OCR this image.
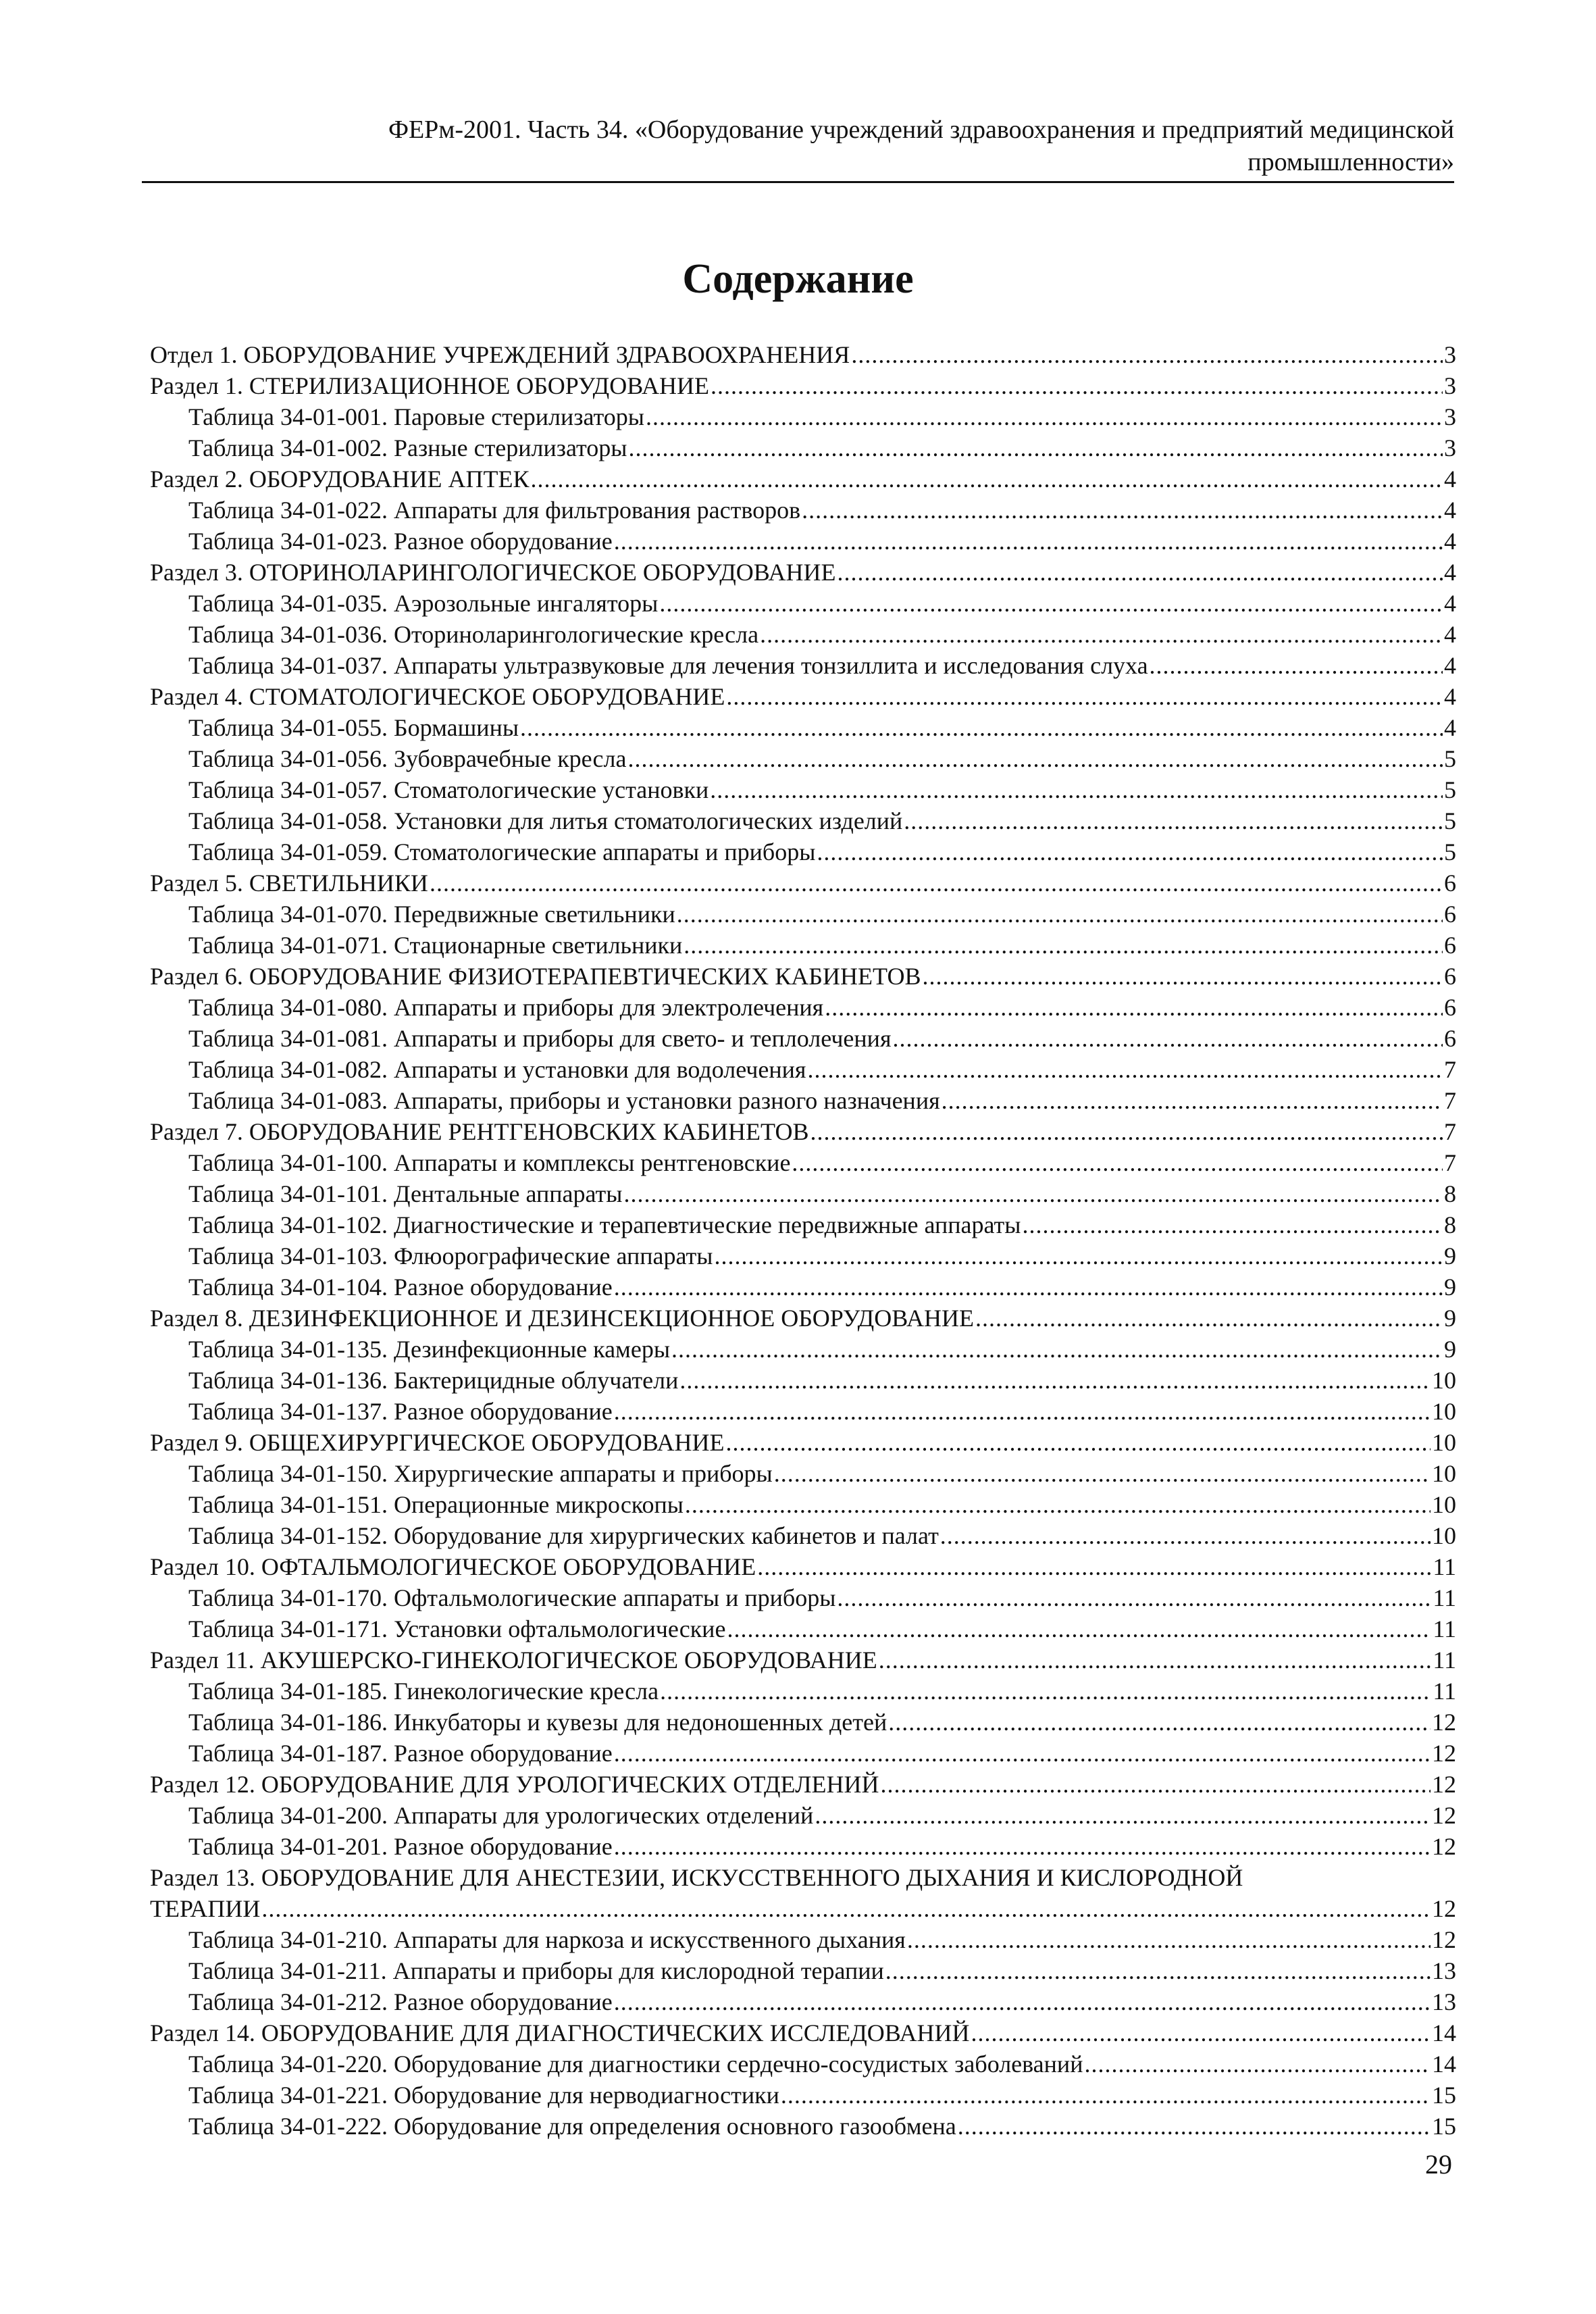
ФЕРм-2001. Часть 34. «Оборудование учреждений здравоохранения и предприятий медицинской
промышленности»
Содержание
Отдел 1. ОБОРУДОВАНИЕ УЧРЕЖДЕНИЙ ЗДРАВООХРАНЕНИЯ .....	3
Раздел 1. СТЕРИЛИЗАЦИОННОЕ ОБОРУДОВАНИЕ .....	3
Таблица 34-01-001. Паровые стерилизаторы .....	3
Таблица 34-01-002. Разные стерилизаторы .....	3
Раздел 2. ОБОРУДОВАНИЕ АПТЕК .....	4
Таблица 34-01-022. Аппараты для фильтрования растворов .....	4
Таблица 34-01-023. Разное оборудование .....	4
Раздел 3. ОТОРИНОЛАРИНГОЛОГИЧЕСКОЕ ОБОРУДОВАНИЕ .....	4
Таблица 34-01-035. Аэрозольные ингаляторы .....	4
Таблица 34-01-036. Оториноларингологические кресла .....	4
Таблица 34-01-037. Аппараты ультразвуковые для лечения тонзиллита и исследования слуха .....	4
Раздел 4. СТОМАТОЛОГИЧЕСКОЕ ОБОРУДОВАНИЕ .....	4
Таблица 34-01-055. Бормашины .....	4
Таблица 34-01-056. Зубоврачебные кресла .....	5
Таблица 34-01-057. Стоматологические установки .....	5
Таблица 34-01-058. Установки для литья стоматологических изделий .....	5
Таблица 34-01-059. Стоматологические аппараты и приборы .....	5
Раздел 5. СВЕТИЛЬНИКИ .....	6
Таблица 34-01-070. Передвижные светильники .....	6
Таблица 34-01-071. Стационарные светильники .....	6
Раздел 6. ОБОРУДОВАНИЕ ФИЗИОТЕРАПЕВТИЧЕСКИХ КАБИНЕТОВ .....	6
Таблица 34-01-080. Аппараты и приборы для электролечения .....	6
Таблица 34-01-081. Аппараты и приборы для свето- и теплолечения .....	6
Таблица 34-01-082. Аппараты и установки для водолечения .....	7
Таблица 34-01-083. Аппараты, приборы и установки разного назначения .....	7
Раздел 7. ОБОРУДОВАНИЕ РЕНТГЕНОВСКИХ КАБИНЕТОВ .....	7
Таблица 34-01-100. Аппараты и комплексы рентгеновские .....	7
Таблица 34-01-101. Дентальные аппараты .....	8
Таблица 34-01-102. Диагностические и терапевтические передвижные аппараты .....	8
Таблица 34-01-103. Флюорографические аппараты .....	9
Таблица 34-01-104. Разное оборудование .....	9
Раздел 8. ДЕЗИНФЕКЦИОННОЕ И ДЕЗИНСЕКЦИОННОЕ ОБОРУДОВАНИЕ .....	9
Таблица 34-01-135. Дезинфекционные камеры .....	9
Таблица 34-01-136. Бактерицидные облучатели .....	10
Таблица 34-01-137. Разное оборудование .....	10
Раздел 9. ОБЩЕХИРУРГИЧЕСКОЕ ОБОРУДОВАНИЕ .....	10
Таблица 34-01-150. Хирургические аппараты и приборы .....	10
Таблица 34-01-151. Операционные микроскопы .....	10
Таблица 34-01-152. Оборудование для хирургических кабинетов и палат .....	10
Раздел 10. ОФТАЛЬМОЛОГИЧЕСКОЕ ОБОРУДОВАНИЕ .....	11
Таблица 34-01-170. Офтальмологические аппараты и приборы .....	11
Таблица 34-01-171. Установки офтальмологические .....	11
Раздел 11. АКУШЕРСКО-ГИНЕКОЛОГИЧЕСКОЕ ОБОРУДОВАНИЕ .....	11
Таблица 34-01-185. Гинекологические кресла .....	11
Таблица 34-01-186. Инкубаторы и кувезы для недоношенных детей .....	12
Таблица 34-01-187. Разное оборудование .....	12
Раздел 12. ОБОРУДОВАНИЕ ДЛЯ УРОЛОГИЧЕСКИХ ОТДЕЛЕНИЙ .....	12
Таблица 34-01-200. Аппараты для урологических отделений .....	12
Таблица 34-01-201. Разное оборудование .....	12
Раздел 13. ОБОРУДОВАНИЕ ДЛЯ АНЕСТЕЗИИ, ИСКУССТВЕННОГО ДЫХАНИЯ И КИСЛОРОДНОЙ
ТЕРАПИИ .....	12
Таблица 34-01-210. Аппараты для наркоза и искусственного дыхания .....	12
Таблица 34-01-211. Аппараты и приборы для кислородной терапии .....	13
Таблица 34-01-212. Разное оборудование .....	13
Раздел 14. ОБОРУДОВАНИЕ ДЛЯ ДИАГНОСТИЧЕСКИХ ИССЛЕДОВАНИЙ .....	14
Таблица 34-01-220. Оборудование для диагностики сердечно-сосудистых заболеваний .....	14
Таблица 34-01-221. Оборудование для нерводиагностики .....	15
Таблица 34-01-222. Оборудование для определения основного газообмена .....	15
29
